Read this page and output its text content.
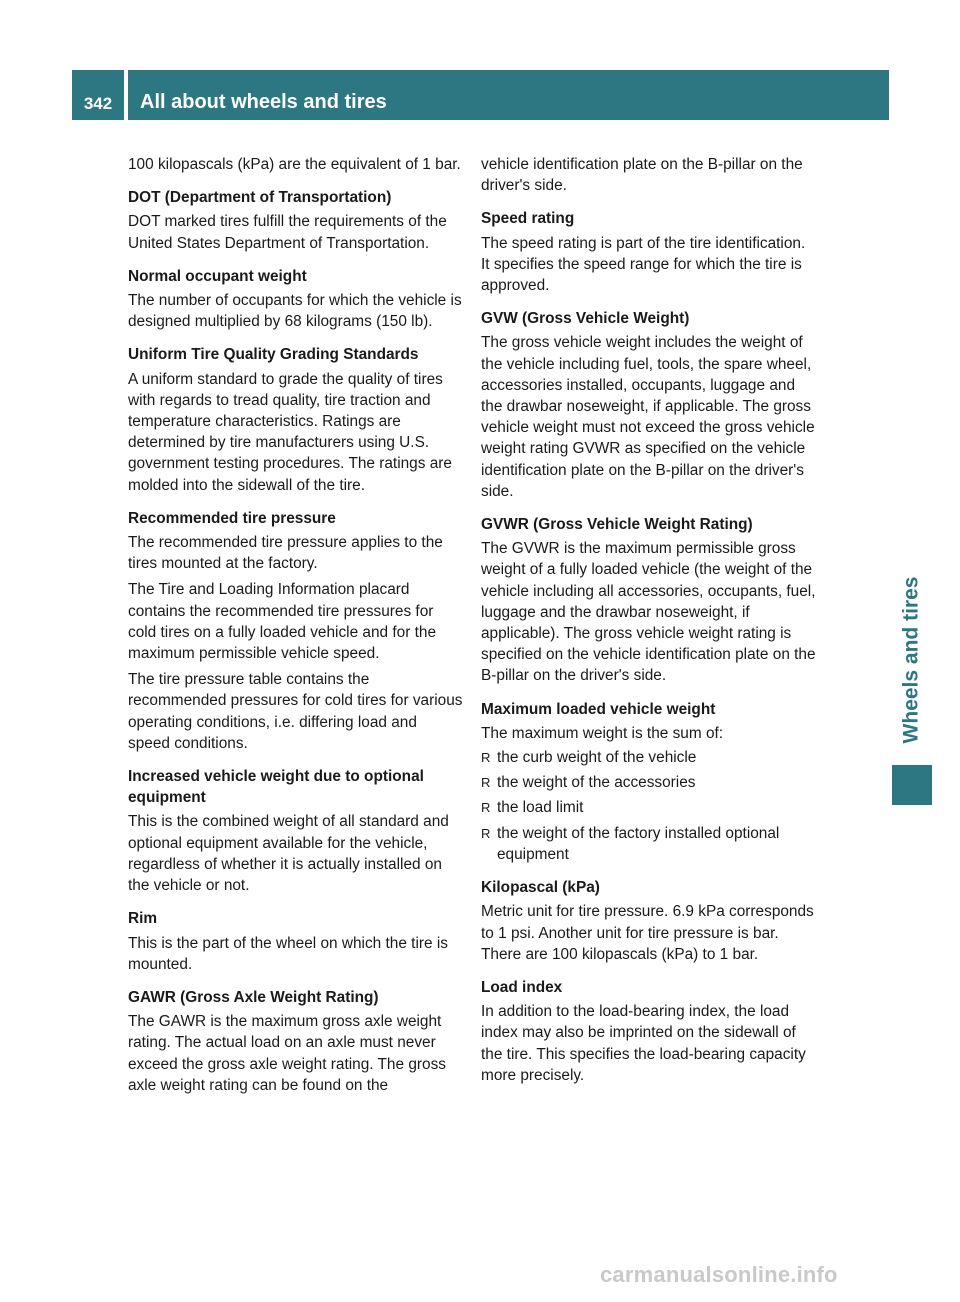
342 All about wheels and tires
Wheels and tires

100 kilopascals (kPa) are the equivalent of 1 bar.

DOT (Department of Transportation)

DOT marked tires fulfill the requirements of the United States Department of Transportation.

Normal occupant weight

The number of occupants for which the vehicle is designed multiplied by 68 kilograms (150 lb).

Uniform Tire Quality Grading Standards

A uniform standard to grade the quality of tires with regards to tread quality, tire traction and temperature characteristics. Ratings are determined by tire manufacturers using U.S. government testing procedures. The ratings are molded into the sidewall of the tire.

Recommended tire pressure

The recommended tire pressure applies to the tires mounted at the factory.

The Tire and Loading Information placard contains the recommended tire pressures for cold tires on a fully loaded vehicle and for the maximum permissible vehicle speed.

The tire pressure table contains the recommended pressures for cold tires for various operating conditions, i.e. differing load and speed conditions.

Increased vehicle weight due to optional equipment

This is the combined weight of all standard and optional equipment available for the vehicle, regardless of whether it is actually installed on the vehicle or not.

Rim

This is the part of the wheel on which the tire is mounted.

GAWR (Gross Axle Weight Rating)

The GAWR is the maximum gross axle weight rating. The actual load on an axle must never exceed the gross axle weight rating. The gross axle weight rating can be found on the

vehicle identification plate on the B-pillar on the driver's side.

Speed rating

The speed rating is part of the tire identification. It specifies the speed range for which the tire is approved.

GVW (Gross Vehicle Weight)

The gross vehicle weight includes the weight of the vehicle including fuel, tools, the spare wheel, accessories installed, occupants, luggage and the drawbar noseweight, if applicable. The gross vehicle weight must not exceed the gross vehicle weight rating GVWR as specified on the vehicle identification plate on the B-pillar on the driver's side.

GVWR (Gross Vehicle Weight Rating)

The GVWR is the maximum permissible gross weight of a fully loaded vehicle (the weight of the vehicle including all accessories, occupants, fuel, luggage and the drawbar noseweight, if applicable). The gross vehicle weight rating is specified on the vehicle identification plate on the B-pillar on the driver's side.

Maximum loaded vehicle weight

The maximum weight is the sum of:

R the curb weight of the vehicle
R the weight of the accessories
R the load limit
R the weight of the factory installed optional equipment

Kilopascal (kPa)

Metric unit for tire pressure. 6.9 kPa corresponds to 1 psi. Another unit for tire pressure is bar. There are 100 kilopascals (kPa) to 1 bar.

Load index

In addition to the load-bearing index, the load index may also be imprinted on the sidewall of the tire. This specifies the load-bearing capacity more precisely.

carmanualsonline.info
